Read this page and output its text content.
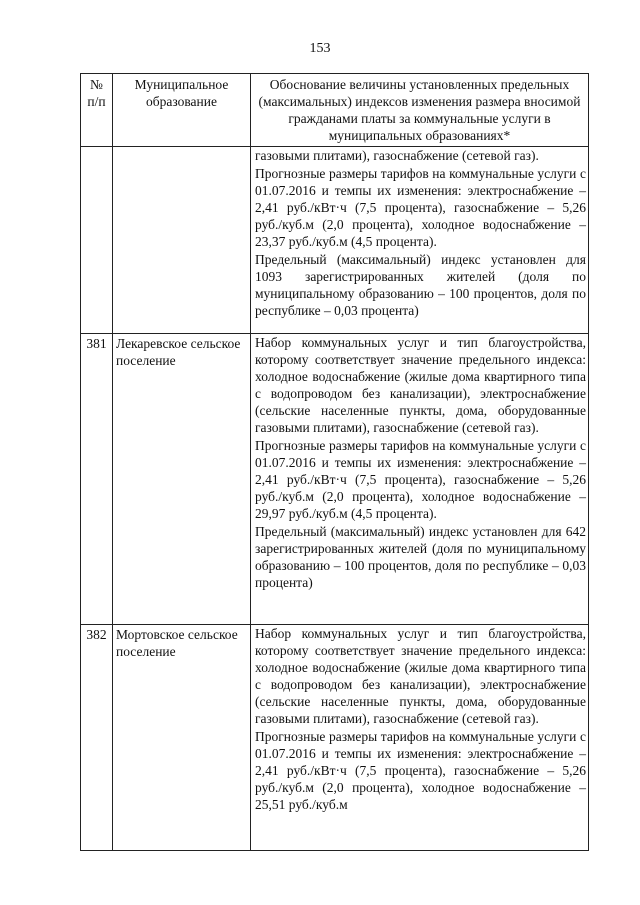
153
№
п/п	Муниципальное образование	Обоснование величины установленных предельных (максимальных) индексов изменения размера вносимой гражданами платы за коммунальные услуги в муниципальных образованиях*

		газовыми плитами), газоснабжение (сетевой газ).

Прогнозные размеры тарифов на коммунальные услуги с 01.07.2016 и темпы их изменения: электроснабжение – 2,41 руб./кВт·ч (7,5 процента), газоснабжение – 5,26 руб./куб.м (2,0 процента), холодное водоснабжение – 23,37 руб./куб.м (4,5 процента).

Предельный (максимальный) индекс установлен для 1093 зарегистрированных жителей (доля по муниципальному образованию – 100 процентов, доля по республике – 0,03 процента)

381	Лекаревское сельское поселение	Набор коммунальных услуг и тип благоустройства, которому соответствует значение предельного индекса: холодное водоснабжение (жилые дома квартирного типа с водопроводом без канализации), электроснабжение (сельские населенные пункты, дома, оборудованные газовыми плитами), газоснабжение (сетевой газ).

Прогнозные размеры тарифов на коммунальные услуги с 01.07.2016 и темпы их изменения: электроснабжение – 2,41 руб./кВт·ч (7,5 процента), газоснабжение – 5,26 руб./куб.м (2,0 процента), холодное водоснабжение – 29,97 руб./куб.м (4,5 процента).

Предельный (максимальный) индекс установлен для 642 зарегистрированных жителей (доля по муниципальному образованию – 100 процентов, доля по республике – 0,03 процента)

382	Мортовское сельское поселение	Набор коммунальных услуг и тип благоустройства, которому соответствует значение предельного индекса: холодное водоснабжение (жилые дома квартирного типа с водопроводом без канализации), электроснабжение (сельские населенные пункты, дома, оборудованные газовыми плитами), газоснабжение (сетевой газ).

Прогнозные размеры тарифов на коммунальные услуги с 01.07.2016 и темпы их изменения: электроснабжение – 2,41 руб./кВт·ч (7,5 процента), газоснабжение – 5,26 руб./куб.м (2,0 процента), холодное водоснабжение – 25,51 руб./куб.м
